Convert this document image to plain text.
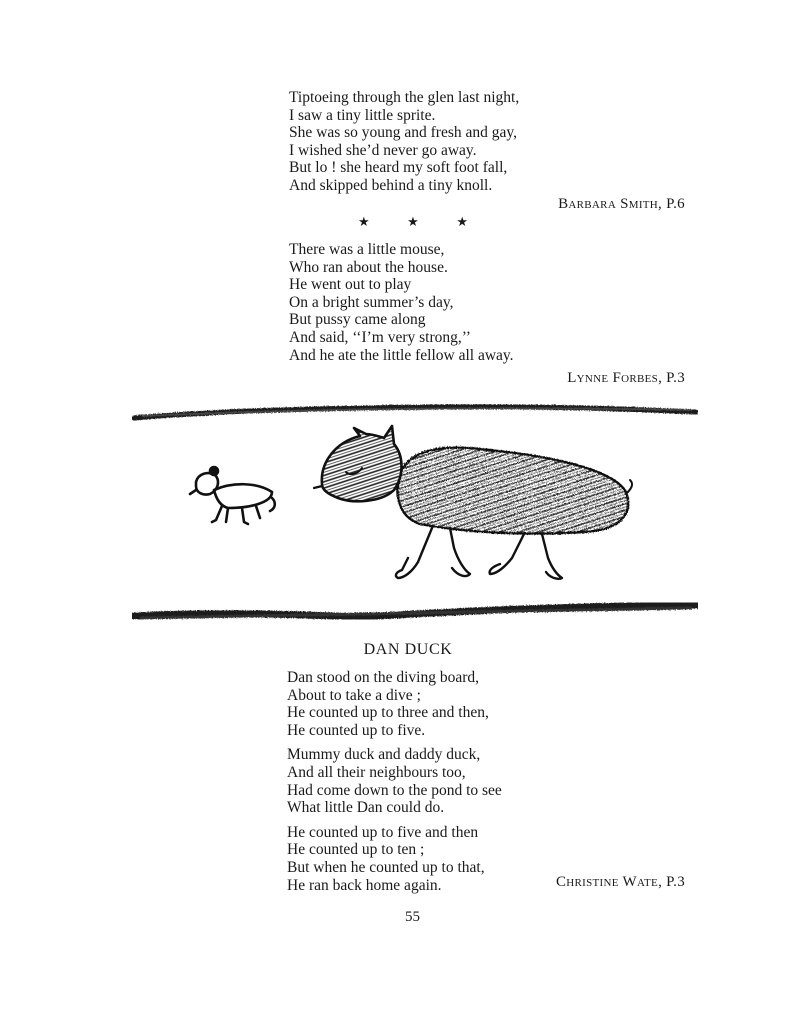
Tiptoeing through the glen last night,
I saw a tiny little sprite.
She was so young and fresh and gay,
I wished she’d never go away.
But lo ! she heard my soft foot fall,
And skipped behind a tiny knoll.
Barbara Smith, P.6
★	★	★
There was a little mouse,
Who ran about the house.
He went out to play
On a bright summer’s day,
But pussy came along
And said, ‘‘I’m very strong,’’
And he ate the little fellow all away.
Lynne Forbes, P.3
DAN DUCK
Dan stood on the diving board,
About to take a dive ;
He counted up to three and then,
He counted up to five.
Mummy duck and daddy duck,
And all their neighbours too,
Had come down to the pond to see
What little Dan could do.
He counted up to five and then
He counted up to ten ;
But when he counted up to that,
He ran back home again.	Christine Wate, P.3
55
